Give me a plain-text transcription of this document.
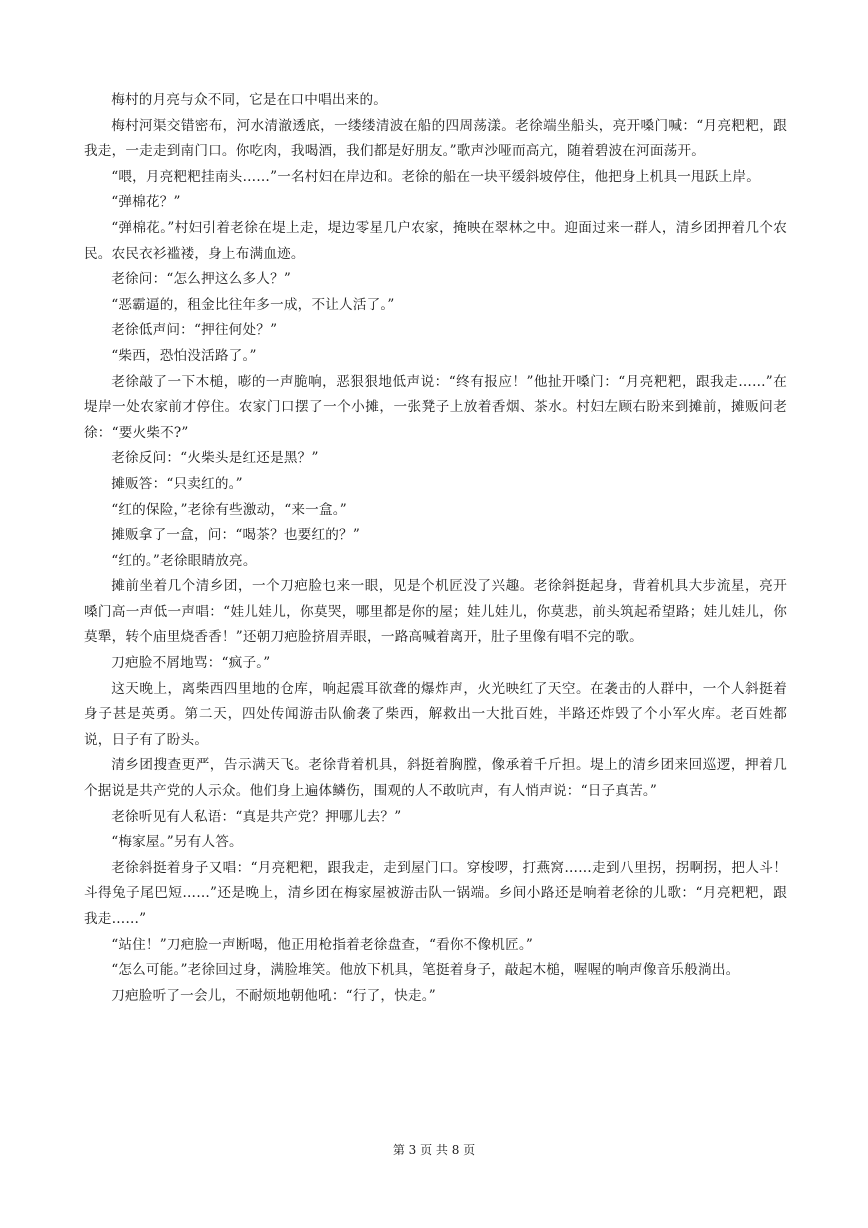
梅村的月亮与众不同，它是在口中唱出来的。

梅村河渠交错密布，河水清澈透底，一缕缕清波在船的四周荡漾。老徐端坐船头，亮开嗓门喊：“月亮粑粑，跟我走，一走走到南门口。你吃肉，我喝酒，我们都是好朋友。”歌声沙哑而高亢，随着碧波在河面荡开。

“喂，月亮粑粑挂南头……”一名村妇在岸边和。老徐的船在一块平缓斜坡停住，他把身上机具一甩跃上岸。

“弹棉花？”

“弹棉花。”村妇引着老徐在堤上走，堤边零星几户农家，掩映在翠林之中。迎面过来一群人，清乡团押着几个农民。农民衣衫褴褛，身上布满血迹。

老徐问：“怎么押这么多人？”

“恶霸逼的，租金比往年多一成，不让人活了。”

老徐低声问：“押往何处？”

“柴西，恐怕没活路了。”

老徐敲了一下木槌，嘭的一声脆响，恶狠狠地低声说：“终有报应！”他扯开嗓门：“月亮粑粑，跟我走……”在堤岸一处农家前才停住。农家门口摆了一个小摊，一张凳子上放着香烟、茶水。村妇左顾右盼来到摊前，摊贩问老徐：“要火柴不?”

老徐反问：“火柴头是红还是黑？”

摊贩答：“只卖红的。”

“红的保险，”老徐有些激动，“来一盒。”

摊贩拿了一盒，问：“喝茶？也要红的？”

“红的。”老徐眼睛放亮。

摊前坐着几个清乡团，一个刀疤脸乜来一眼，见是个机匠没了兴趣。老徐斜挺起身，背着机具大步流星，亮开嗓门高一声低一声唱：“娃儿娃儿，你莫哭，哪里都是你的屋；娃儿娃儿，你莫悲，前头筑起希望路；娃儿娃儿，你莫犟，转个庙里烧香香！”还朝刀疤脸挤眉弄眼，一路高喊着离开，肚子里像有唱不完的歌。

刀疤脸不屑地骂：“疯子。”

这天晚上，离柴西四里地的仓库，响起震耳欲聋的爆炸声，火光映红了天空。在袭击的人群中，一个人斜挺着身子甚是英勇。第二天，四处传闻游击队偷袭了柴西，解救出一大批百姓，半路还炸毁了个小军火库。老百姓都说，日子有了盼头。

清乡团搜查更严，告示满天飞。老徐背着机具，斜挺着胸膛，像承着千斤担。堤上的清乡团来回巡逻，押着几个据说是共产党的人示众。他们身上遍体鳞伤，围观的人不敢吭声，有人悄声说：“日子真苦。”

老徐听见有人私语：“真是共产党？押哪儿去？”

“梅家屋。”另有人答。

老徐斜挺着身子又唱：“月亮粑粑，跟我走，走到屋门口。穿梭啰，打燕窝……走到八里拐，拐啊拐，把人斗！斗得兔子尾巴短……”还是晚上，清乡团在梅家屋被游击队一锅端。乡间小路还是响着老徐的儿歌：“月亮粑粑，跟我走……”

“站住！”刀疤脸一声断喝，他正用枪指着老徐盘查，“看你不像机匠。”

“怎么可能。”老徐回过身，满脸堆笑。他放下机具，笔挺着身子，敲起木槌，喔喔的响声像音乐般淌出。

刀疤脸听了一会儿，不耐烦地朝他吼：“行了，快走。”

第 3 页 共 8 页
